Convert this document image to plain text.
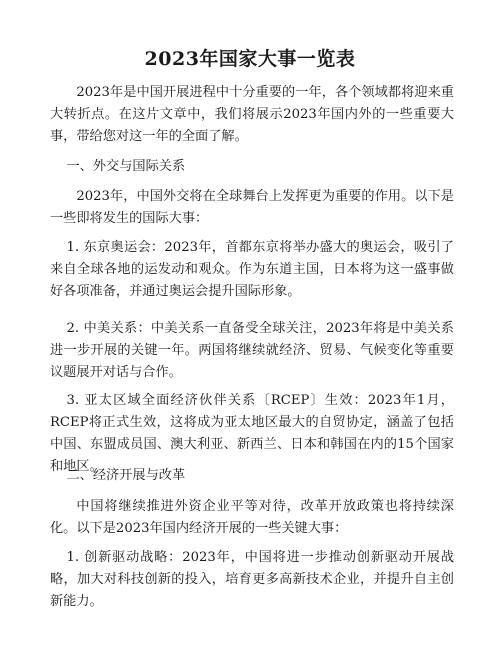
2023年国家大事一览表

2023年是中国开展进程中十分重要的一年，各个领域都将迎来重大转折点。在这片文章中，我们将展示2023年国内外的一些重要大事，带给您对这一年的全面了解。

一、外交与国际关系

2023年，中国外交将在全球舞台上发挥更为重要的作用。以下是一些即将发生的国际大事：

1. 东京奥运会：2023年，首都东京将举办盛大的奥运会，吸引了来自全球各地的运发动和观众。作为东道主国，日本将为这一盛事做好各项准备，并通过奥运会提升国际形象。

2. 中美关系：中美关系一直备受全球关注，2023年将是中美关系进一步开展的关键一年。两国将继续就经济、贸易、气候变化等重要议题展开对话与合作。

3. 亚太区域全面经济伙伴关系〔RCEP〕生效：2023年1月，RCEP将正式生效，这将成为亚太地区最大的自贸协定，涵盖了包括中国、东盟成员国、澳大利亚、新西兰、日本和韩国在内的15个国家和地区。

二、经济开展与改革

中国将继续推进外资企业平等对待，改革开放政策也将持续深化。以下是2023年国内经济开展的一些关键大事：

1. 创新驱动战略：2023年，中国将进一步推动创新驱动开展战略，加大对科技创新的投入，培育更多高新技术企业，并提升自主创新能力。
